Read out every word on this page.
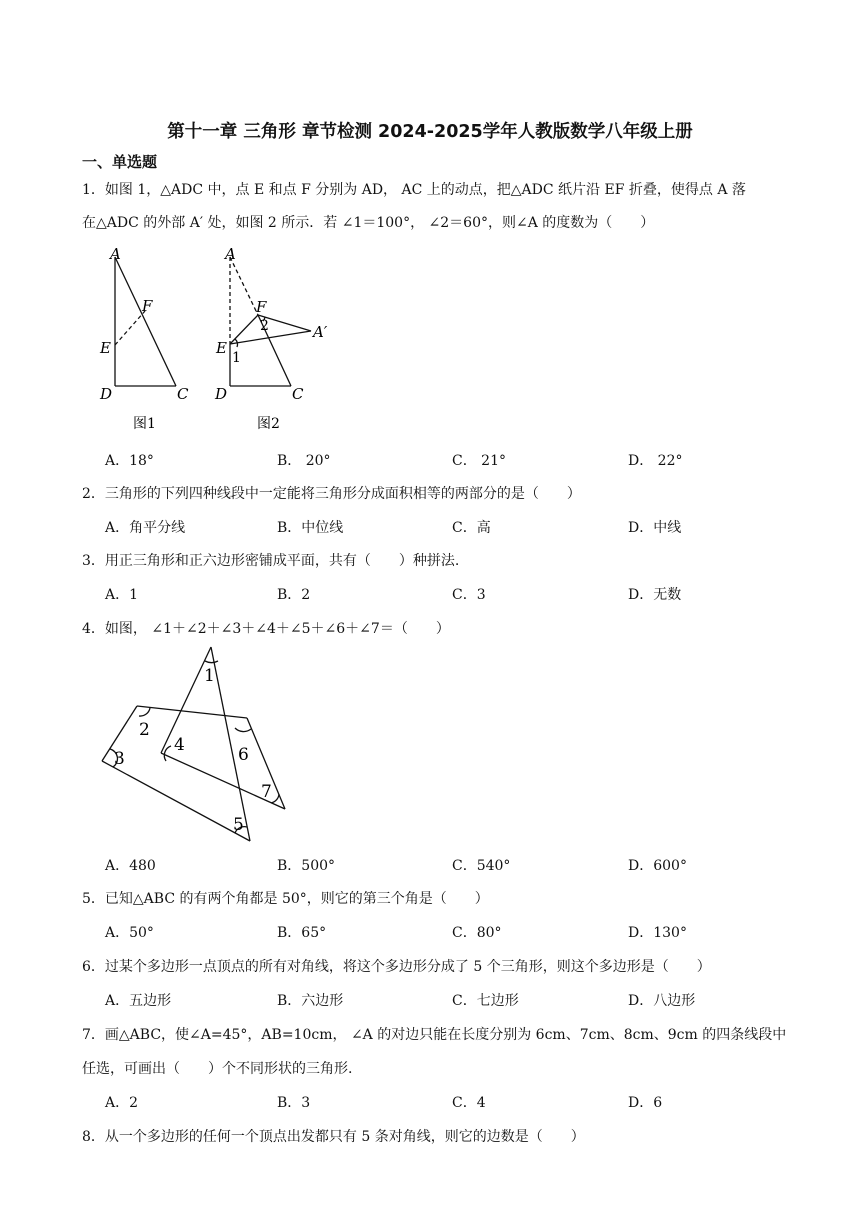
第十一章 三角形 章节检测 2024-2025学年人教版数学八年级上册
一、单选题
1．如图 1，△ADC 中，点 E 和点 F 分别为 AD， AC 上的动点，把△ADC 纸片沿 EF 折叠，使得点 A 落
在△ADC 的外部 A′ 处，如图 2 所示．若 ∠1＝100°， ∠2＝60°，则∠A 的度数为（　　）
A
F
E
D	C
图1
A
F
2	A′
E
1
D	C
图2
A．18°	B． 20°	C． 21°	D． 22°
2．三角形的下列四种线段中一定能将三角形分成面积相等的两部分的是（　　）
A．角平分线	B．中位线	C．高	D．中线
3．用正三角形和正六边形密铺成平面，共有（　　）种拼法.
A．1	B．2	C．3	D．无数
4．如图， ∠1＋∠2＋∠3＋∠4＋∠5＋∠6＋∠7＝（　　）
1
2
3
4
5
6
7
A．480	B．500°	C．540°	D．600°
5．已知△ABC 的有两个角都是 50°，则它的第三个角是（　　）
A．50°	B．65°	C．80°	D．130°
6．过某个多边形一点顶点的所有对角线，将这个多边形分成了 5 个三角形，则这个多边形是（　　）
A．五边形	B．六边形	C．七边形	D．八边形
7．画△ABC，使∠A=45°，AB=10cm， ∠A 的对边只能在长度分别为 6cm、7cm、8cm、9cm 的四条线段中
任选，可画出（　　）个不同形状的三角形.
A．2	B．3	C．4	D．6
8．从一个多边形的任何一个顶点出发都只有 5 条对角线，则它的边数是（　　）
